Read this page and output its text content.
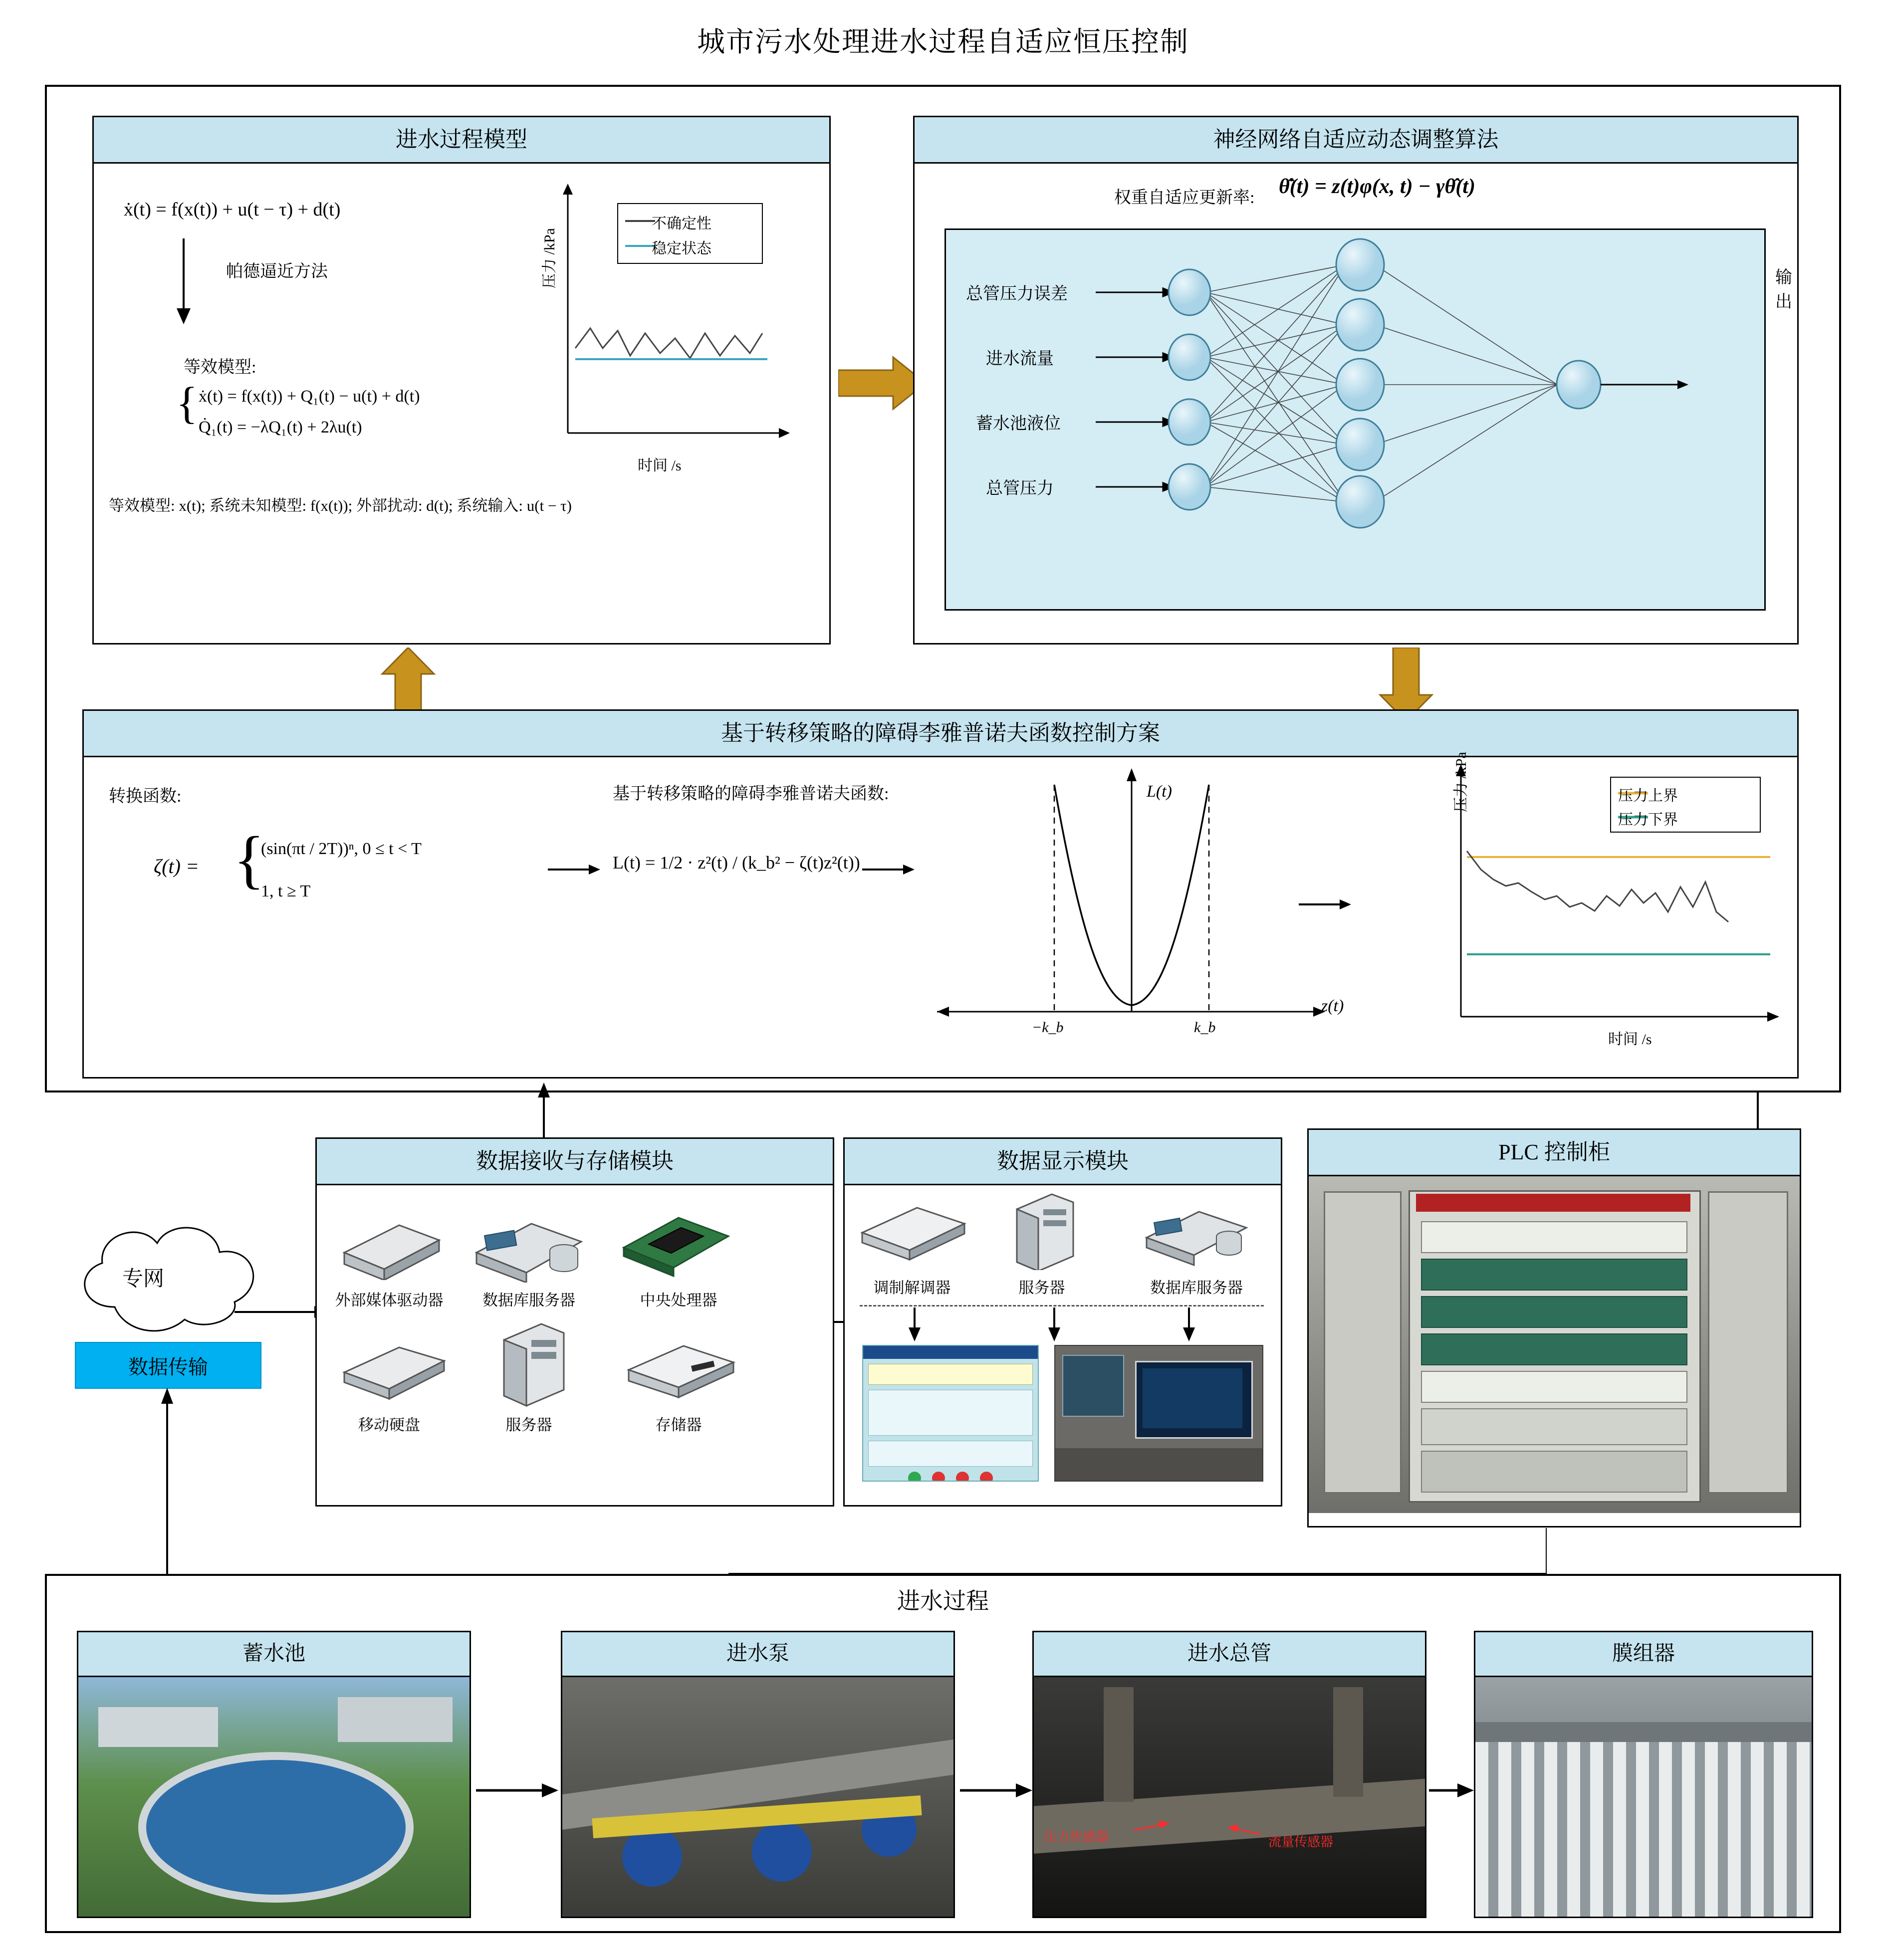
城市污水处理进水过程自适应恒压控制
进水过程模型
ẋ(t) = f(x(t)) + u(t − τ) + d(t)
帕德逼近方法
等效模型:
{ ẋ(t) = f(x(t)) + Q₁(t) − u(t) + d(t)
Q̇₁(t) = −λQ₁(t) + 2λu(t)
等效模型: x(t); 系统未知模型: f(x(t)); 外部扰动: d(t); 系统输入: u(t − τ)
不确定性
稳定状态
压力 /kPa
时间 /s
神经网络自适应动态调整算法
权重自适应更新率: θ̇̂(t) = z(t)φ(x, t) − γθ̂(t)
总管压力误差
进水流量
蓄水池液位
总管压力
输出
基于转移策略的障碍李雅普诺夫函数控制方案
转换函数:	基于转移策略的障碍李雅普诺夫函数:
ζ(t) = {
(sin(πt / 2T))ⁿ, 0 ≤ t < T
1, t ≥ T
L(t) = 1/2 · z²(t) / (k_b² − ζ(t)z²(t))
L(t)
z(t)
−k_b	k_b
压力上界
压力下界
压力 /kPa
时间 /s
专网
数据传输
数据接收与存储模块
外部媒体驱动器	数据库服务器	中央处理器
移动硬盘	服务器	存储器
数据显示模块
调制解调器	服务器	数据库服务器

PLC 控制柜
进水过程
蓄水池	进水泵	进水总管
压力传感器	流量传感器
膜组器
